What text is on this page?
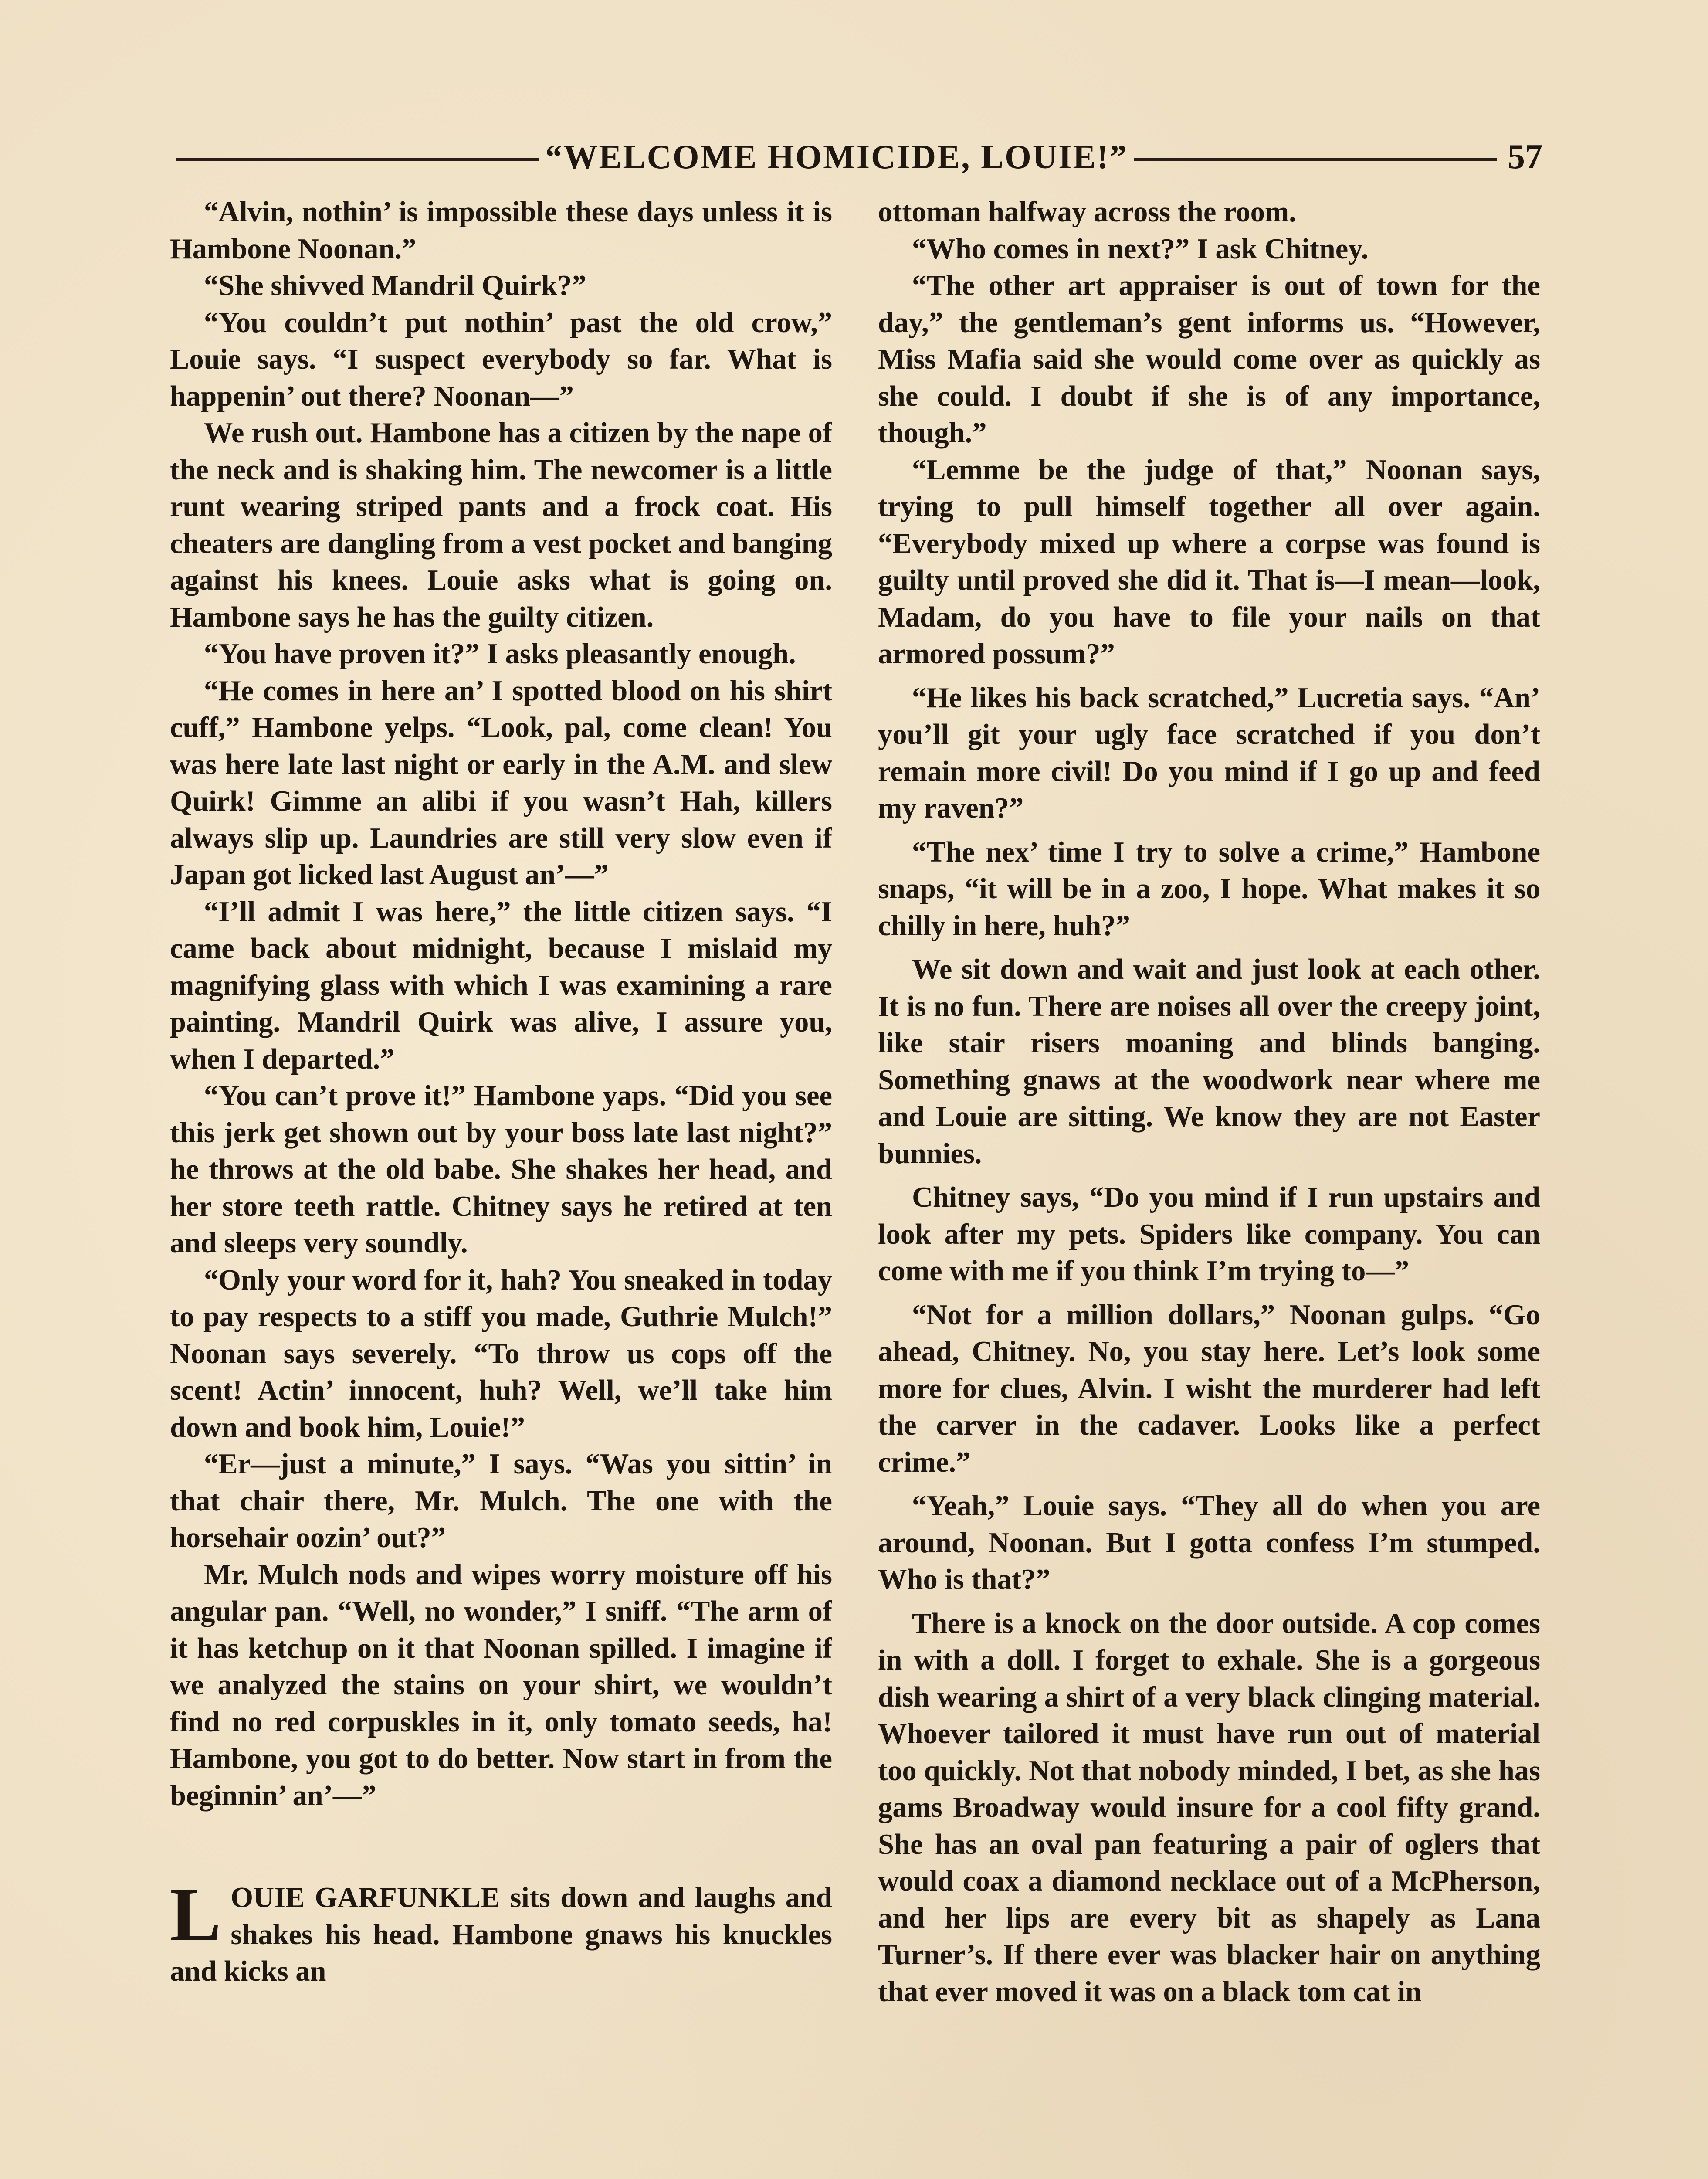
“WELCOME HOMICIDE, LOUIE!”	57

“Alvin, nothin’ is impossible these days unless it is Hambone Noonan.”

“She shivved Mandril Quirk?”

“You couldn’t put nothin’ past the old crow,” Louie says. “I suspect everybody so far. What is happenin’ out there? Noonan—”

We rush out. Hambone has a citizen by the nape of the neck and is shaking him. The newcomer is a little runt wearing striped pants and a frock coat. His cheaters are dangling from a vest pocket and banging against his knees. Louie asks what is going on. Hambone says he has the guilty citizen.

“You have proven it?” I asks pleasantly enough.

“He comes in here an’ I spotted blood on his shirt cuff,” Hambone yelps. “Look, pal, come clean! You was here late last night or early in the A.M. and slew Quirk! Gimme an alibi if you wasn’t Hah, killers always slip up. Laundries are still very slow even if Japan got licked last August an’—”

“I’ll admit I was here,” the little citizen says. “I came back about midnight, because I mislaid my magnifying glass with which I was examining a rare painting. Mandril Quirk was alive, I assure you, when I departed.”

“You can’t prove it!” Hambone yaps. “Did you see this jerk get shown out by your boss late last night?” he throws at the old babe. She shakes her head, and her store teeth rattle. Chitney says he retired at ten and sleeps very soundly.

“Only your word for it, hah? You sneaked in today to pay respects to a stiff you made, Guthrie Mulch!” Noonan says severely. “To throw us cops off the scent! Actin’ innocent, huh? Well, we’ll take him down and book him, Louie!”

“Er—just a minute,” I says. “Was you sittin’ in that chair there, Mr. Mulch. The one with the horsehair oozin’ out?”

Mr. Mulch nods and wipes worry moisture off his angular pan. “Well, no wonder,” I sniff. “The arm of it has ketchup on it that Noonan spilled. I imagine if we analyzed the stains on your shirt, we wouldn’t find no red corpuskles in it, only tomato seeds, ha! Hambone, you got to do better. Now start in from the beginnin’ an’—”

L OUIE GARFUNKLE sits down and laughs and shakes his head. Hambone gnaws his knuckles and kicks an

ottoman halfway across the room.

“Who comes in next?” I ask Chitney.

“The other art appraiser is out of town for the day,” the gentleman’s gent informs us. “However, Miss Mafia said she would come over as quickly as she could. I doubt if she is of any importance, though.”

“Lemme be the judge of that,” Noonan says, trying to pull himself together all over again. “Everybody mixed up where a corpse was found is guilty until proved she did it. That is—I mean—look, Madam, do you have to file your nails on that armored possum?”

“He likes his back scratched,” Lucretia says. “An’ you’ll git your ugly face scratched if you don’t remain more civil! Do you mind if I go up and feed my raven?”

“The nex’ time I try to solve a crime,” Hambone snaps, “it will be in a zoo, I hope. What makes it so chilly in here, huh?”

We sit down and wait and just look at each other. It is no fun. There are noises all over the creepy joint, like stair risers moaning and blinds banging. Something gnaws at the woodwork near where me and Louie are sitting. We know they are not Easter bunnies.

Chitney says, “Do you mind if I run upstairs and look after my pets. Spiders like company. You can come with me if you think I’m trying to—”

“Not for a million dollars,” Noonan gulps. “Go ahead, Chitney. No, you stay here. Let’s look some more for clues, Alvin. I wisht the murderer had left the carver in the cadaver. Looks like a perfect crime.”

“Yeah,” Louie says. “They all do when you are around, Noonan. But I gotta confess I’m stumped. Who is that?”

There is a knock on the door outside. A cop comes in with a doll. I forget to exhale. She is a gorgeous dish wearing a shirt of a very black clinging material. Whoever tailored it must have run out of material too quickly. Not that nobody minded, I bet, as she has gams Broadway would insure for a cool fifty grand. She has an oval pan featuring a pair of oglers that would coax a diamond necklace out of a McPherson, and her lips are every bit as shapely as Lana Turner’s. If there ever was blacker hair on anything that ever moved it was on a black tom cat in
